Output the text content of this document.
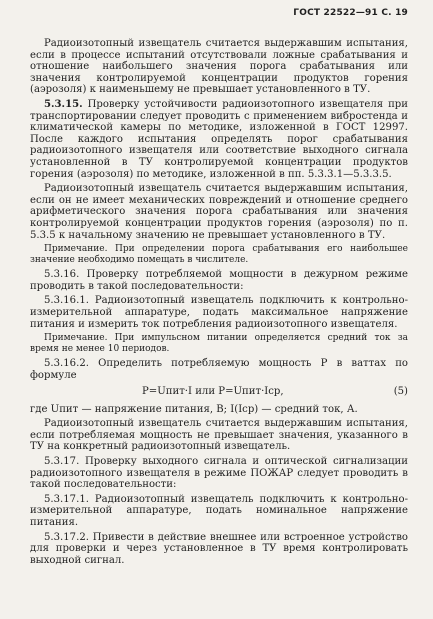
ГОСТ 22522—91 С. 19

Радиоизотопный извещатель считается выдержавшим испытания, если в процессе испытаний отсутствовали ложные срабатывания и отношение наибольшего значения порога срабатывания или значения контролируемой концентрации продуктов горения (аэрозоля) к наименьшему не превышает установленного в ТУ.

5.3.15. Проверку устойчивости радиоизотопного извещателя при транспортировании следует проводить с применением вибростенда и климатической камеры по методике, изложенной в ГОСТ 12997. После каждого испытания определять порог срабатывания радиоизотопного извещателя или соответствие выходного сигнала установленной в ТУ контролируемой концентрации продуктов горения (аэрозоля) по методике, изложенной в пп. 5.3.3.1—5.3.3.5.

Радиоизотопный извещатель считается выдержавшим испытания, если он не имеет механических повреждений и отношение среднего арифметического значения порога срабатывания или значения контролируемой концентрации продуктов горения (аэрозоля) по п. 5.3.5 к начальному значению не превышает установленного в ТУ.

Примечание. При определении порога срабатывания его наибольшее значение необходимо помещать в числителе.

5.3.16. Проверку потребляемой мощности в дежурном режиме проводить в такой последовательности:

5.3.16.1. Радиоизотопный извещатель подключить к контрольно-измерительной аппаратуре, подать максимальное напряжение питания и измерить ток потребления радиоизотопного извещателя.

Примечание. При импульсном питании определяется средний ток за время не менее 10 периодов.

5.3.16.2. Определить потребляемую мощность P в ваттах по формуле

P=Uпит·I или P=Uпит·Iср,	(5)

где Uпит — напряжение питания, В; I(Iср) — средний ток, А.

Радиоизотопный извещатель считается выдержавшим испытания, если потребляемая мощность не превышает значения, указанного в ТУ на конкретный радиоизотопный извещатель.

5.3.17. Проверку выходного сигнала и оптической сигнализации радиоизотопного извещателя в режиме ПОЖАР следует проводить в такой последовательности:

5.3.17.1. Радиоизотопный извещатель подключить к контрольно-измерительной аппаратуре, подать номинальное напряжение питания.

5.3.17.2. Привести в действие внешнее или встроенное устройство для проверки и через установленное в ТУ время контролировать выходной сигнал.
